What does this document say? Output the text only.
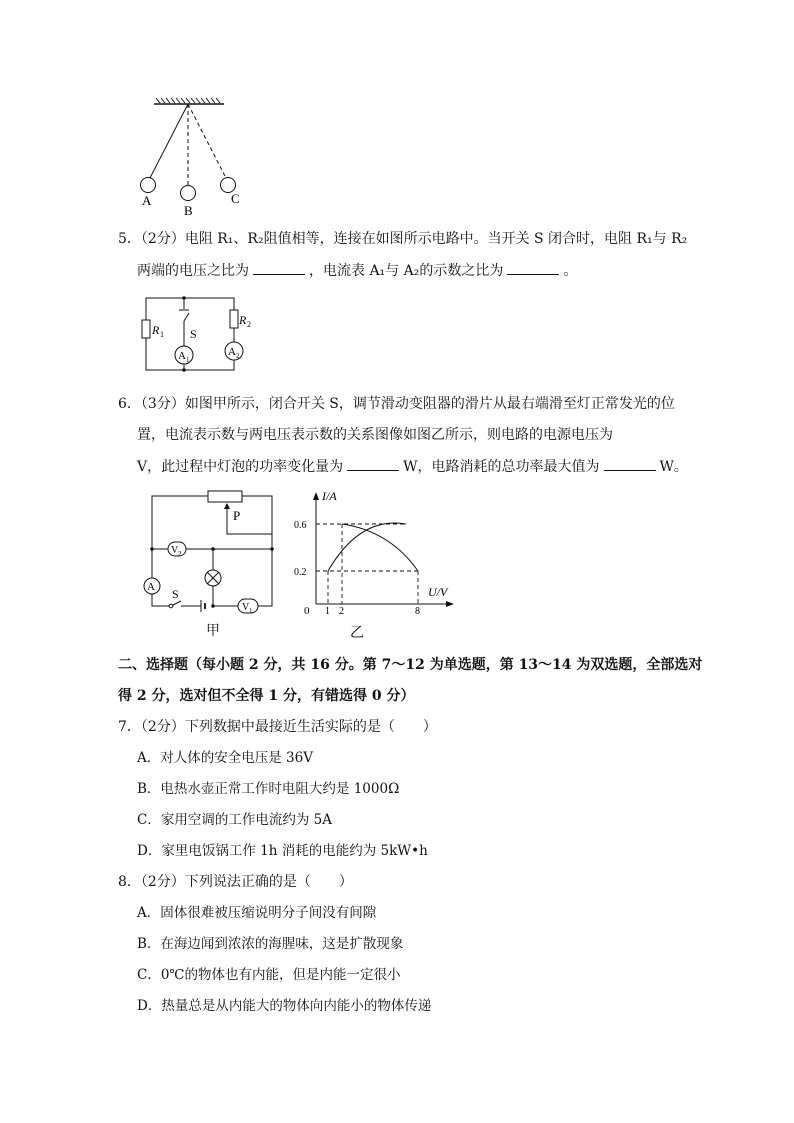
A
B
C
5．（2分）电阻 R₁、R₂阻值相等，连接在如图所示电路中。当开关 S 闭合时，电阻 R₁与 R₂
两端的电压之比为	，电流表 A₁与 A₂的示数之比为	。
R 1
R 2
S
A 1
A 2
6．（3分）如图甲所示，闭合开关 S，调节滑动变阻器的滑片从最右端滑至灯正常发光的位
置，电流表示数与两电压表示数的关系图像如图乙所示，则电路的电源电压为
V，此过程中灯泡的功率变化量为	W，电路消耗的总功率最大值为	W。
P
V 2
A
V 1
S
甲
I/A
U/V
0
0.6
0.2
1 2	8
乙
二、选择题（每小题 2 分，共 16 分。第 7～12 为单选题，第 13～14 为双选题，全部选对
得 2 分，选对但不全得 1 分，有错选得 0 分）
7．（2分）下列数据中最接近生活实际的是（　　）
A．对人体的安全电压是 36V
B．电热水壶正常工作时电阻大约是 1000Ω
C．家用空调的工作电流约为 5A
D．家里电饭锅工作 1h 消耗的电能约为 5kW•h
8．（2分）下列说法正确的是（　　）
A．固体很难被压缩说明分子间没有间隙
B．在海边闻到浓浓的海腥味，这是扩散现象
C．0℃的物体也有内能，但是内能一定很小
D．热量总是从内能大的物体向内能小的物体传递
